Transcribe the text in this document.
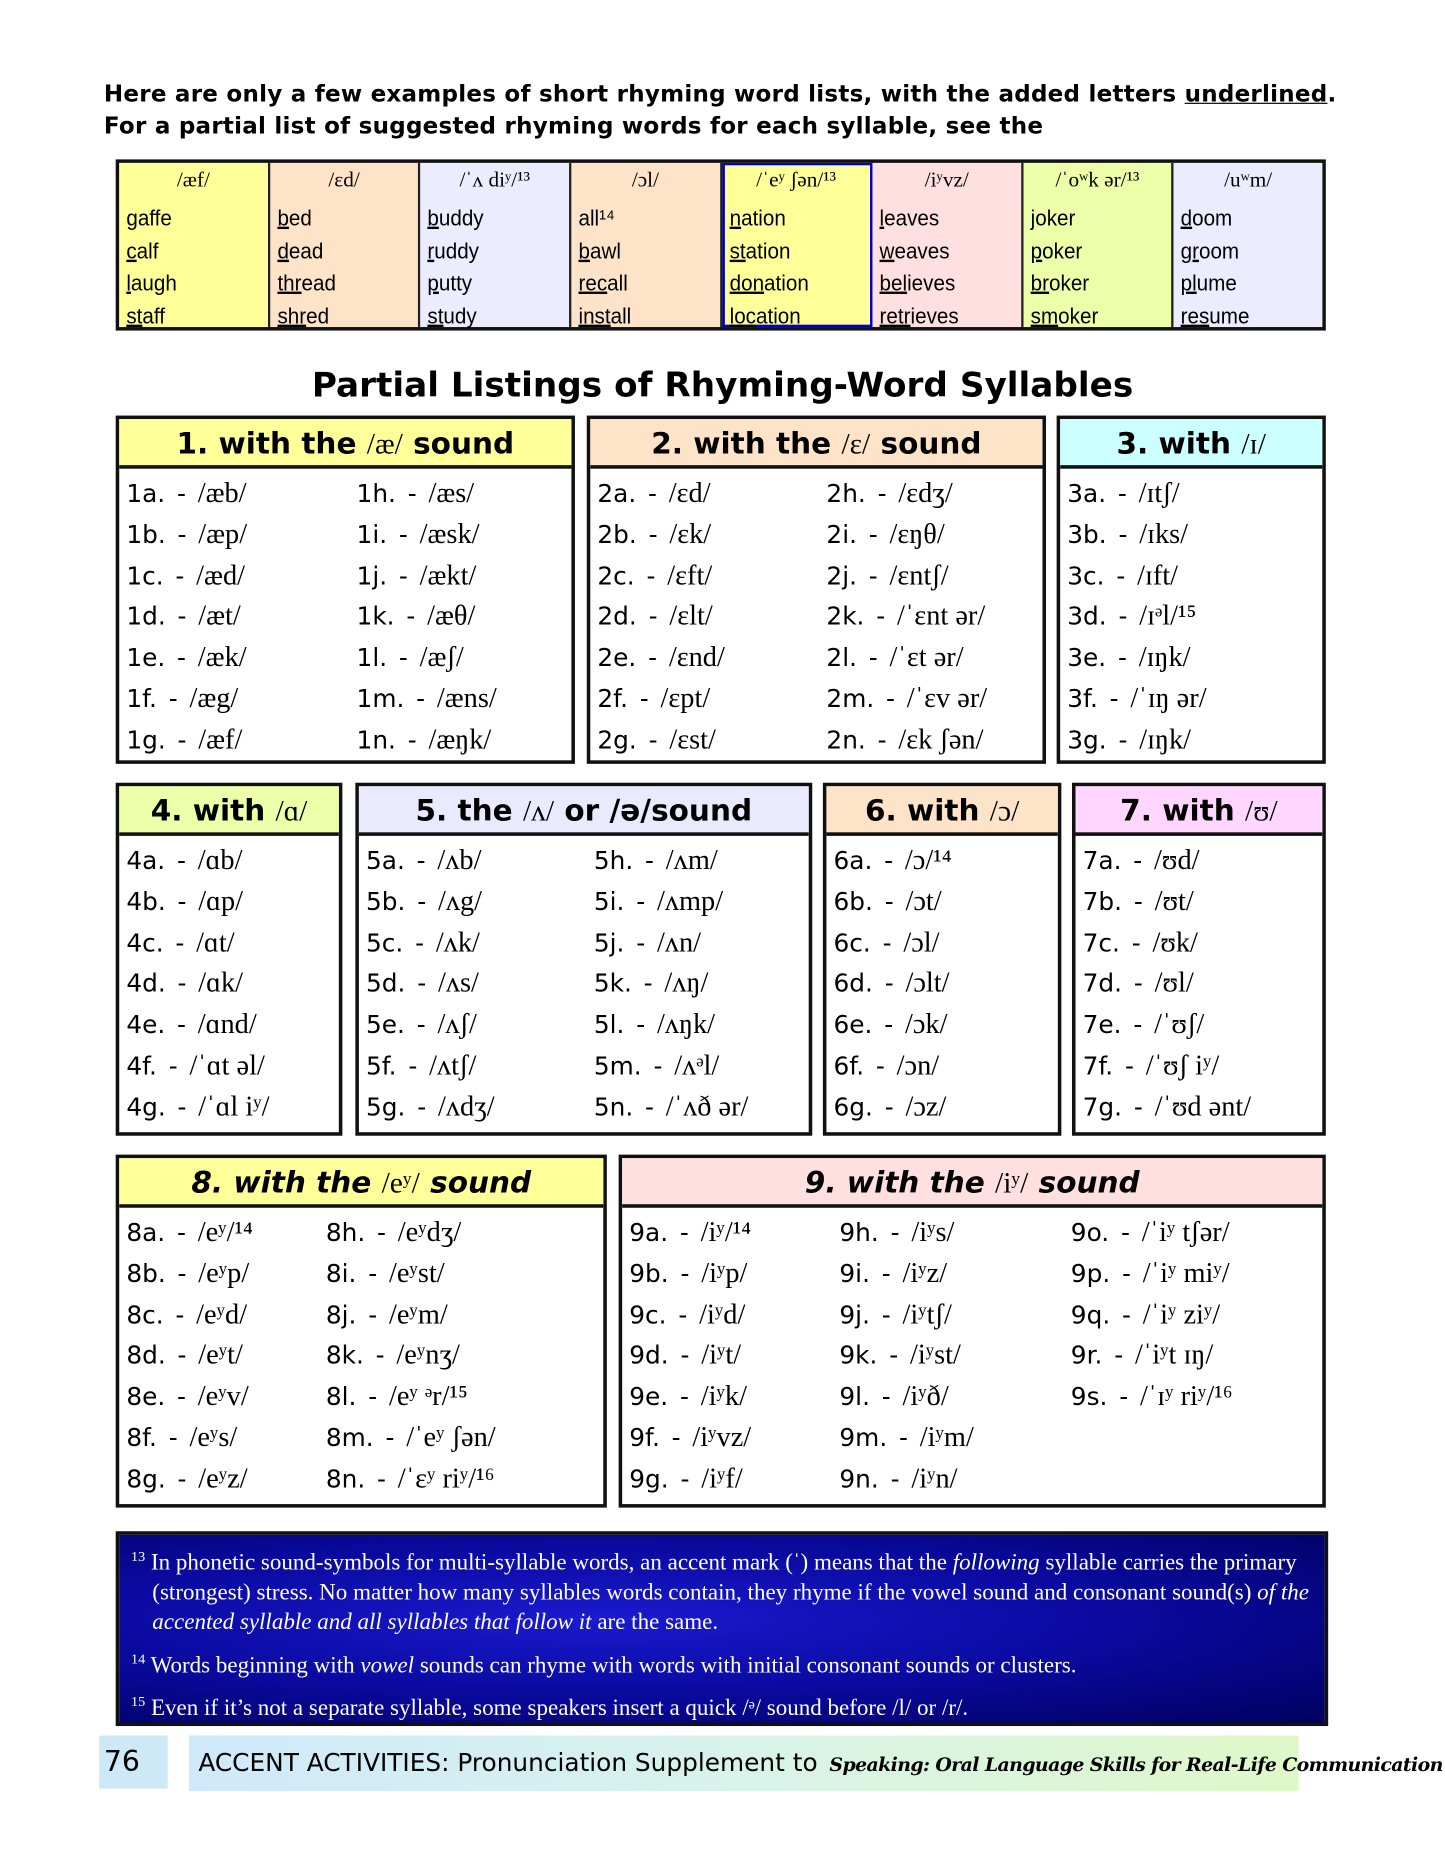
Here are only a few examples of short rhyming word lists, with the added letters underlined. For a partial list of suggested rhyming words for each syllable, see the
/æf/
gaffe
calf
laugh
staff
/ɛd/
bed
dead
thread
shred
/ˈʌ diʸ/¹³
buddy
ruddy
putty
study
/ɔl/
all¹⁴
bawl
recall
install
/ˈeʸ ʃən/¹³
nation
station
donation
location
/iʸvz/
leaves
weaves
believes
retrieves
/ˈoʷk ər/¹³
joker
poker
broker
smoker
/uʷm/
doom
groom
plume
resume
Partial Listings of Rhyming-Word Syllables
1. with the /æ/ sound
1a. - /æb/
1b. - /æp/
1c. - /æd/
1d. - /æt/
1e. - /æk/
1f. - /æg/
1g. - /æf/
1h. - /æs/
1i. - /æsk/
1j. - /ækt/
1k. - /æθ/
1l. - /æʃ/
1m. - /æns/
1n. - /æŋk/
2. with the /ɛ/ sound
2a. - /ɛd/
2b. - /ɛk/
2c. - /ɛft/
2d. - /ɛlt/
2e. - /ɛnd/
2f. - /ɛpt/
2g. - /ɛst/
2h. - /ɛdʒ/
2i. - /ɛŋθ/
2j. - /ɛntʃ/
2k. - /ˈɛnt ər/
2l. - /ˈɛt ər/
2m. - /ˈɛv ər/
2n. - /ɛk ʃən/
3. with /ɪ/
3a. - /ɪtʃ/
3b. - /ɪks/
3c. - /ɪft/
3d. - /ɪᵊl/¹⁵
3e. - /ɪŋk/
3f. - /ˈɪŋ ər/
3g. - /ɪŋk/
4. with /ɑ/
4a. - /ɑb/
4b. - /ɑp/
4c. - /ɑt/
4d. - /ɑk/
4e. - /ɑnd/
4f. - /ˈɑt əl/
4g. - /ˈɑl iʸ/
5. the /ʌ/ or /ə/sound
5a. - /ʌb/
5b. - /ʌg/
5c. - /ʌk/
5d. - /ʌs/
5e. - /ʌʃ/
5f. - /ʌtʃ/
5g. - /ʌdʒ/
5h. - /ʌm/
5i. - /ʌmp/
5j. - /ʌn/
5k. - /ʌŋ/
5l. - /ʌŋk/
5m. - /ʌᵊl/
5n. - /ˈʌð ər/
6. with /ɔ/
6a. - /ɔ/¹⁴
6b. - /ɔt/
6c. - /ɔl/
6d. - /ɔlt/
6e. - /ɔk/
6f. - /ɔn/
6g. - /ɔz/
7. with /ʊ/
7a. - /ʊd/
7b. - /ʊt/
7c. - /ʊk/
7d. - /ʊl/
7e. - /ˈʊʃ/
7f. - /ˈʊʃ iʸ/
7g. - /ˈʊd ənt/
8. with the /eʸ/ sound
8a. - /eʸ/¹⁴
8b. - /eʸp/
8c. - /eʸd/
8d. - /eʸt/
8e. - /eʸv/
8f. - /eʸs/
8g. - /eʸz/
8h. - /eʸdʒ/
8i. - /eʸst/
8j. - /eʸm/
8k. - /eʸnʒ/
8l. - /eʸ ᵊr/¹⁵
8m. - /ˈeʸ ʃən/
8n. - /ˈɛʸ riʸ/¹⁶
9. with the /iʸ/ sound
9a. - /iʸ/¹⁴
9b. - /iʸp/
9c. - /iʸd/
9d. - /iʸt/
9e. - /iʸk/
9f. - /iʸvz/
9g. - /iʸf/
9h. - /iʸs/
9i. - /iʸz/
9j. - /iʸtʃ/
9k. - /iʸst/
9l. - /iʸð/
9m. - /iʸm/
9n. - /iʸn/
9o. - /ˈiʸ tʃər/
9p. - /ˈiʸ miʸ/
9q. - /ˈiʸ ziʸ/
9r. - /ˈiʸt ɪŋ/
9s. - /ˈɪʸ riʸ/¹⁶

$^{13}$ In phonetic sound-symbols for multi-syllable words, an accent mark (ˈ) means that the following syllable carries the primary (strongest) stress. No matter how many syllables words contain, they rhyme if the vowel sound and consonant sound(s) of the accented syllable and all syllables that follow it are the same.

$^{14}$ Words beginning with vowel sounds can rhyme with words with initial consonant sounds or clusters.

$^{15}$ Even if it’s not a separate syllable, some speakers insert a quick /ᵊ/ sound before /l/ or /r/.

76	ACCENT ACTIVITIES: Pronunciation Supplement to Speaking: Oral Language Skills for Real-Life Communication
